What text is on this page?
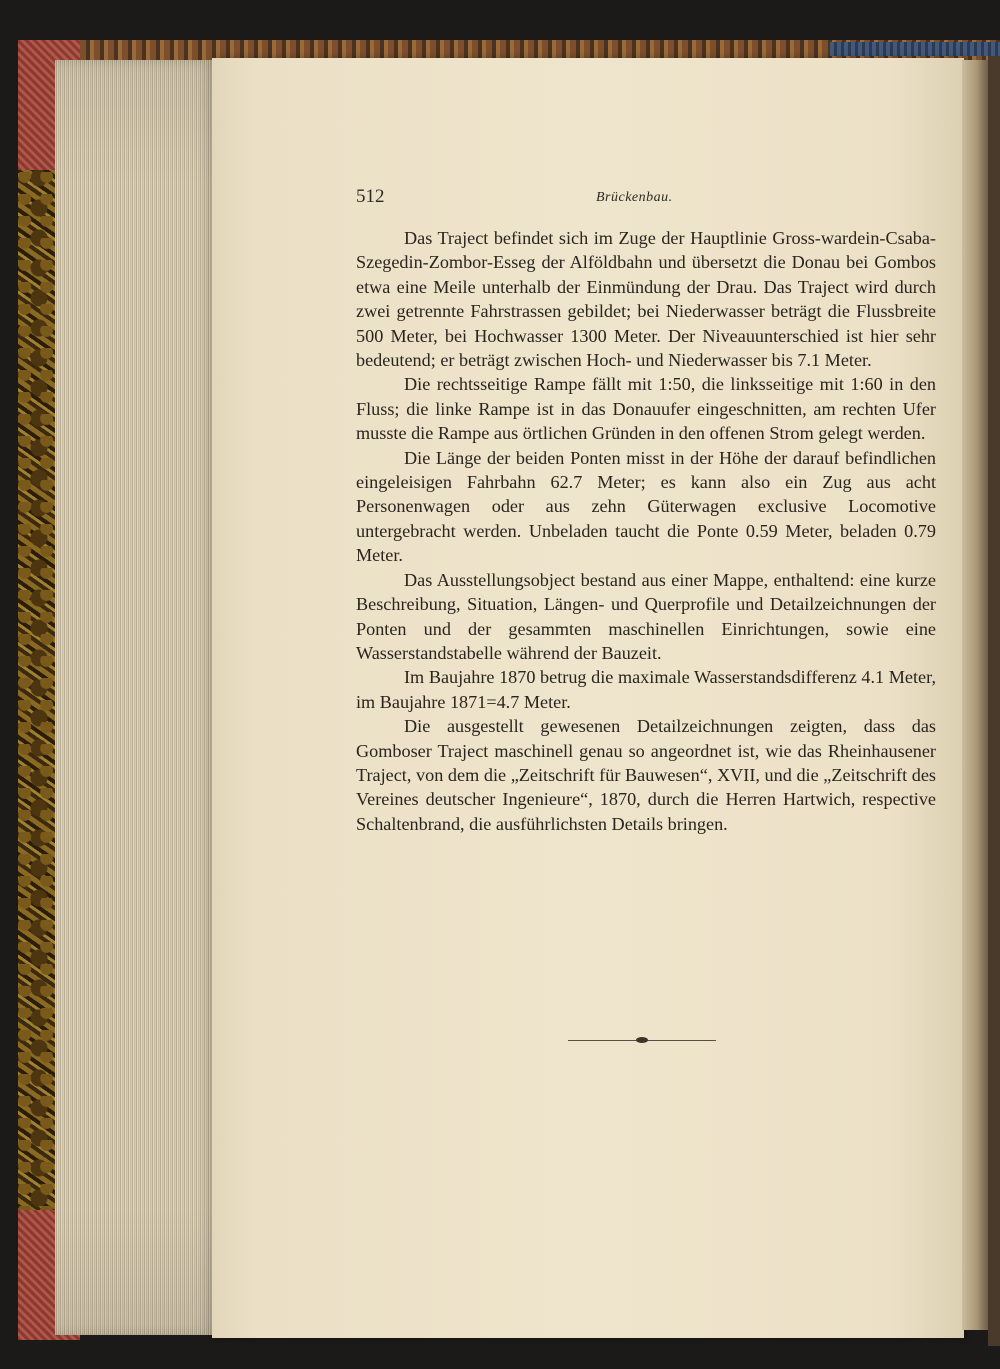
512	Brückenbau.

Das Traject befindet sich im Zuge der Hauptlinie Gross-wardein-Csaba-Szegedin-Zombor-Esseg der Alföldbahn und übersetzt die Donau bei Gombos etwa eine Meile unterhalb der Einmündung der Drau. Das Traject wird durch zwei getrennte Fahrstrassen gebildet; bei Niederwasser beträgt die Flussbreite 500 Meter, bei Hochwasser 1300 Meter. Der Niveauunterschied ist hier sehr bedeutend; er beträgt zwischen Hoch- und Niederwasser bis 7.1 Meter.

Die rechtsseitige Rampe fällt mit 1:50, die linksseitige mit 1:60 in den Fluss; die linke Rampe ist in das Donauufer eingeschnitten, am rechten Ufer musste die Rampe aus örtlichen Gründen in den offenen Strom gelegt werden.

Die Länge der beiden Ponten misst in der Höhe der darauf befindlichen eingeleisigen Fahrbahn 62.7 Meter; es kann also ein Zug aus acht Personenwagen oder aus zehn Güterwagen exclusive Locomotive untergebracht werden. Unbeladen taucht die Ponte 0.59 Meter, beladen 0.79 Meter.

Das Ausstellungsobject bestand aus einer Mappe, enthaltend: eine kurze Beschreibung, Situation, Längen- und Querprofile und Detailzeichnungen der Ponten und der gesammten maschinellen Einrichtungen, sowie eine Wasserstandstabelle während der Bauzeit.

Im Baujahre 1870 betrug die maximale Wasserstandsdifferenz 4.1 Meter, im Baujahre 1871=4.7 Meter.

Die ausgestellt gewesenen Detailzeichnungen zeigten, dass das Gomboser Traject maschinell genau so angeordnet ist, wie das Rheinhausener Traject, von dem die „Zeitschrift für Bauwesen“, XVII, und die „Zeitschrift des Vereines deutscher Ingenieure“, 1870, durch die Herren Hartwich, respective Schaltenbrand, die ausführlichsten Details bringen.
